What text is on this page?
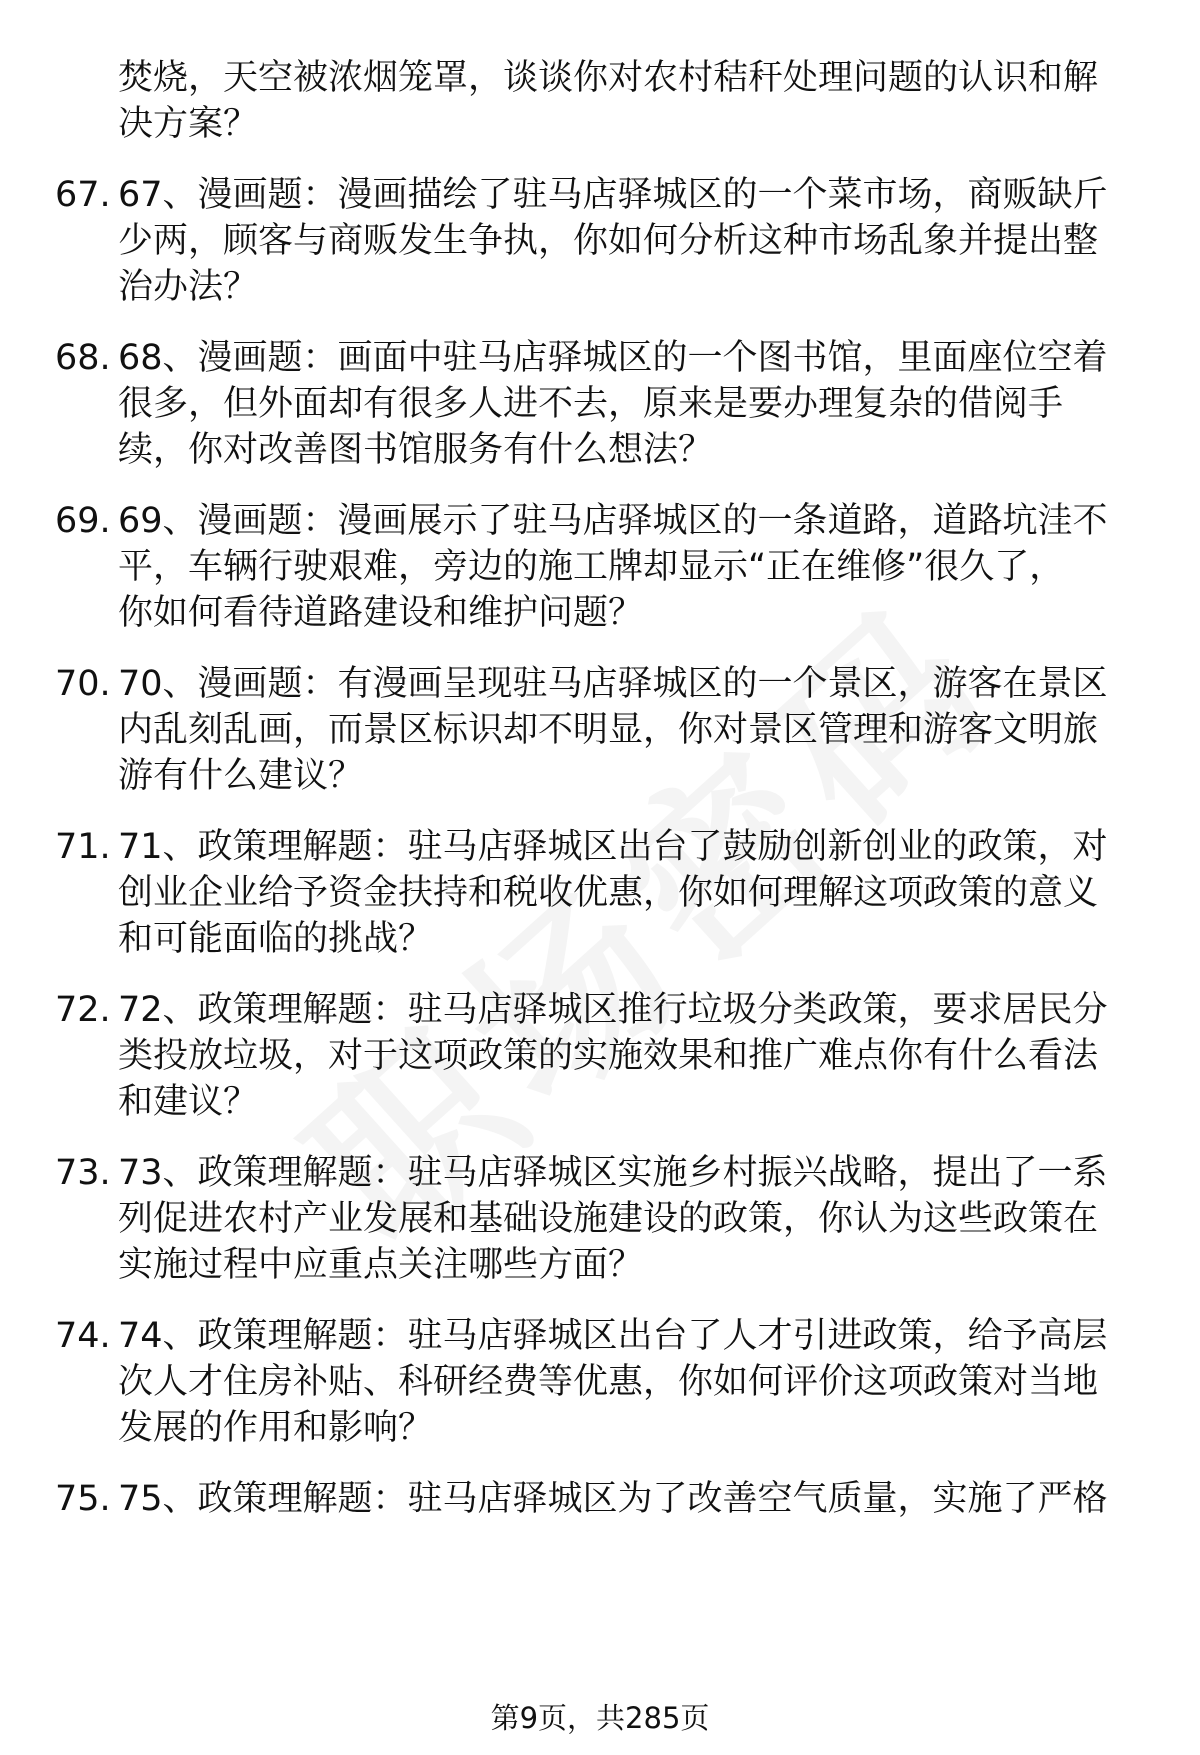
焚烧，天空被浓烟笼罩，谈谈你对农村秸秆处理问题的认识和解
决方案？
67. 67、漫画题：漫画描绘了驻马店驿城区的一个菜市场，商贩缺斤
少两，顾客与商贩发生争执，你如何分析这种市场乱象并提出整
治办法？
68. 68、漫画题：画面中驻马店驿城区的一个图书馆，里面座位空着
很多，但外面却有很多人进不去，原来是要办理复杂的借阅手
续，你对改善图书馆服务有什么想法？
69. 69、漫画题：漫画展示了驻马店驿城区的一条道路，道路坑洼不
平，车辆行驶艰难，旁边的施工牌却显示“正在维修”很久了，
你如何看待道路建设和维护问题？
70. 70、漫画题：有漫画呈现驻马店驿城区的一个景区，游客在景区
内乱刻乱画，而景区标识却不明显，你对景区管理和游客文明旅
游有什么建议？
71. 71、政策理解题：驻马店驿城区出台了鼓励创新创业的政策，对
创业企业给予资金扶持和税收优惠，你如何理解这项政策的意义
和可能面临的挑战？
72. 72、政策理解题：驻马店驿城区推行垃圾分类政策，要求居民分
类投放垃圾，对于这项政策的实施效果和推广难点你有什么看法
和建议？
73. 73、政策理解题：驻马店驿城区实施乡村振兴战略，提出了一系
列促进农村产业发展和基础设施建设的政策，你认为这些政策在
实施过程中应重点关注哪些方面？
74. 74、政策理解题：驻马店驿城区出台了人才引进政策，给予高层
次人才住房补贴、科研经费等优惠，你如何评价这项政策对当地
发展的作用和影响？
75. 75、政策理解题：驻马店驿城区为了改善空气质量，实施了严格
第9页，共285页
